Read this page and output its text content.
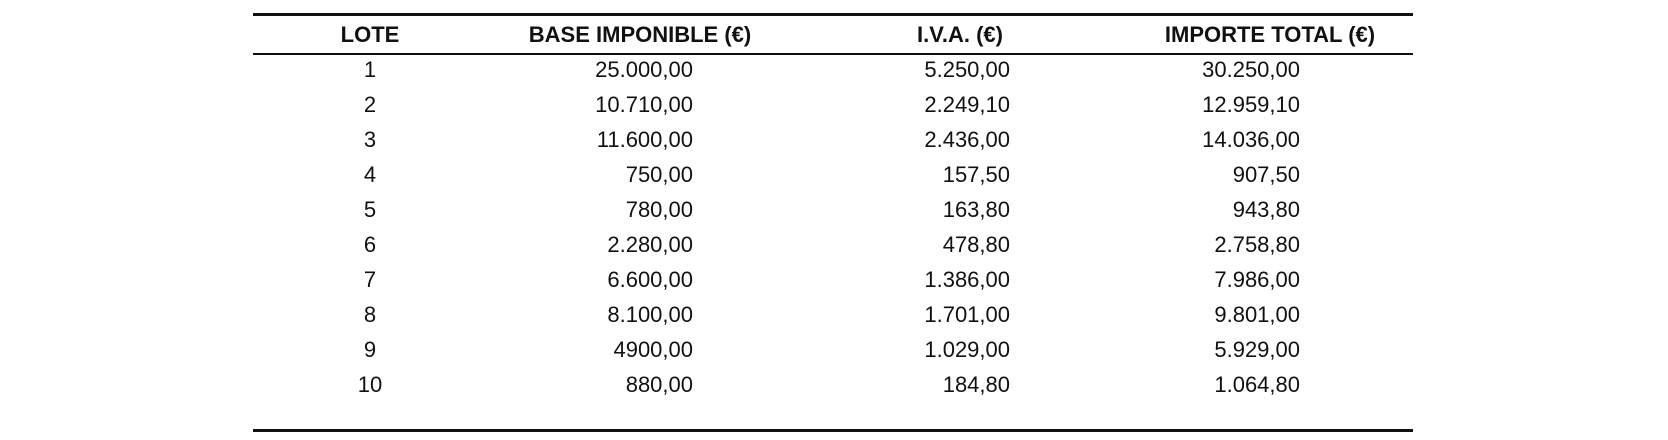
LOTE	BASE IMPONIBLE (€)	I.V.A. (€)	IMPORTE TOTAL (€)
1	25.000,00	5.250,00	30.250,00
2	10.710,00	2.249,10	12.959,10
3	11.600,00	2.436,00	14.036,00
4	750,00	157,50	907,50
5	780,00	163,80	943,80
6	2.280,00	478,80	2.758,80
7	6.600,00	1.386,00	7.986,00
8	8.100,00	1.701,00	9.801,00
9	4900,00	1.029,00	5.929,00
10	880,00	184,80	1.064,80
